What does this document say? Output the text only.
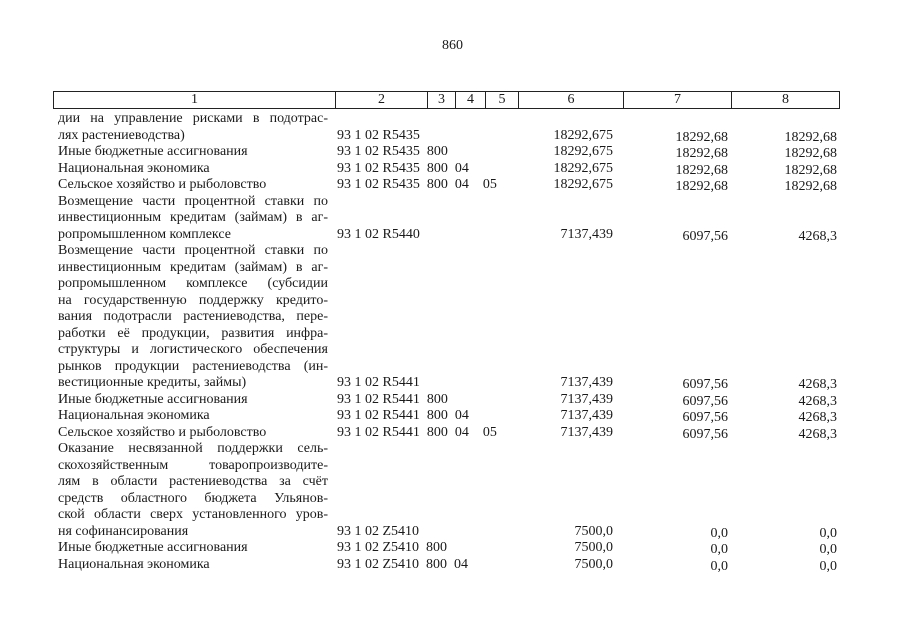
860
1	2	3	4	5	6	7	8
дии на управление рисками в подотрас-
лях растениеводства)	93 1 02 R5435	18292,675	18292,68	18292,68
Иные бюджетные ассигнования	93 1 02 R5435  800	18292,675	18292,68	18292,68
Национальная экономика	93 1 02 R5435  800  04	18292,675	18292,68	18292,68
Сельское хозяйство и рыболовство	93 1 02 R5435  800  04    05	18292,675	18292,68	18292,68
Возмещение части процентной ставки по
инвестиционным кредитам (займам) в аг-
ропромышленном комплексе	93 1 02 R5440	7137,439	6097,56	4268,3
Возмещение части процентной ставки по
инвестиционным кредитам (займам) в аг-
ропромышленном комплексе (субсидии
на государственную поддержку кредито-
вания подотрасли растениеводства, пере-
работки её продукции, развития инфра-
структуры и логистического обеспечения
рынков продукции растениеводства (ин-
вестиционные кредиты, займы)	93 1 02 R5441	7137,439	6097,56	4268,3
Иные бюджетные ассигнования	93 1 02 R5441  800	7137,439	6097,56	4268,3
Национальная экономика	93 1 02 R5441  800  04	7137,439	6097,56	4268,3
Сельское хозяйство и рыболовство	93 1 02 R5441  800  04    05	7137,439	6097,56	4268,3
Оказание несвязанной поддержки сель-
скохозяйственным товаропроизводите-
лям в области растениеводства за счёт
средств областного бюджета Ульянов-
ской области сверх установленного уров-
ня софинансирования	93 1 02 Z5410	7500,0	0,0	0,0
Иные бюджетные ассигнования	93 1 02 Z5410  800	7500,0	0,0	0,0
Национальная экономика	93 1 02 Z5410  800  04	7500,0	0,0	0,0
